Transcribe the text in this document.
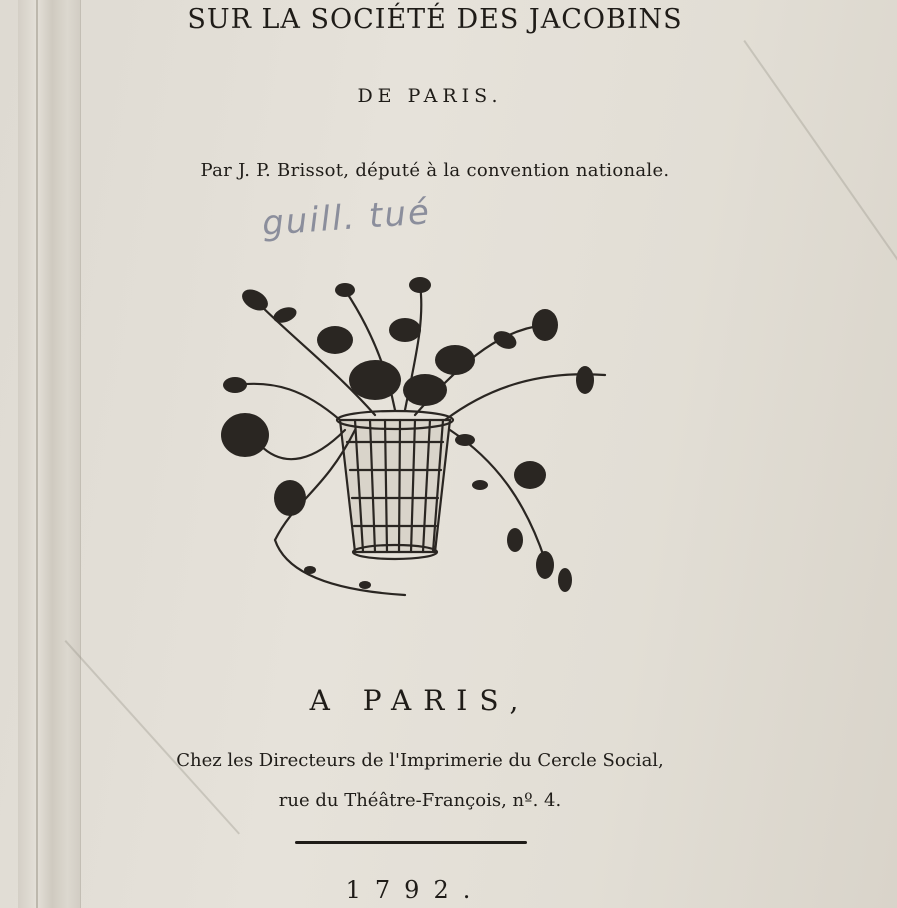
SUR LA SOCIÉTÉ DES JACOBINS
DE PARIS.
Par J. P. Brissot, député à la convention nationale.
guill. tué
A PARIS,
Chez les Directeurs de l'Imprimerie du Cercle Social,
rue du Théâtre-François, nº. 4.
1792.
